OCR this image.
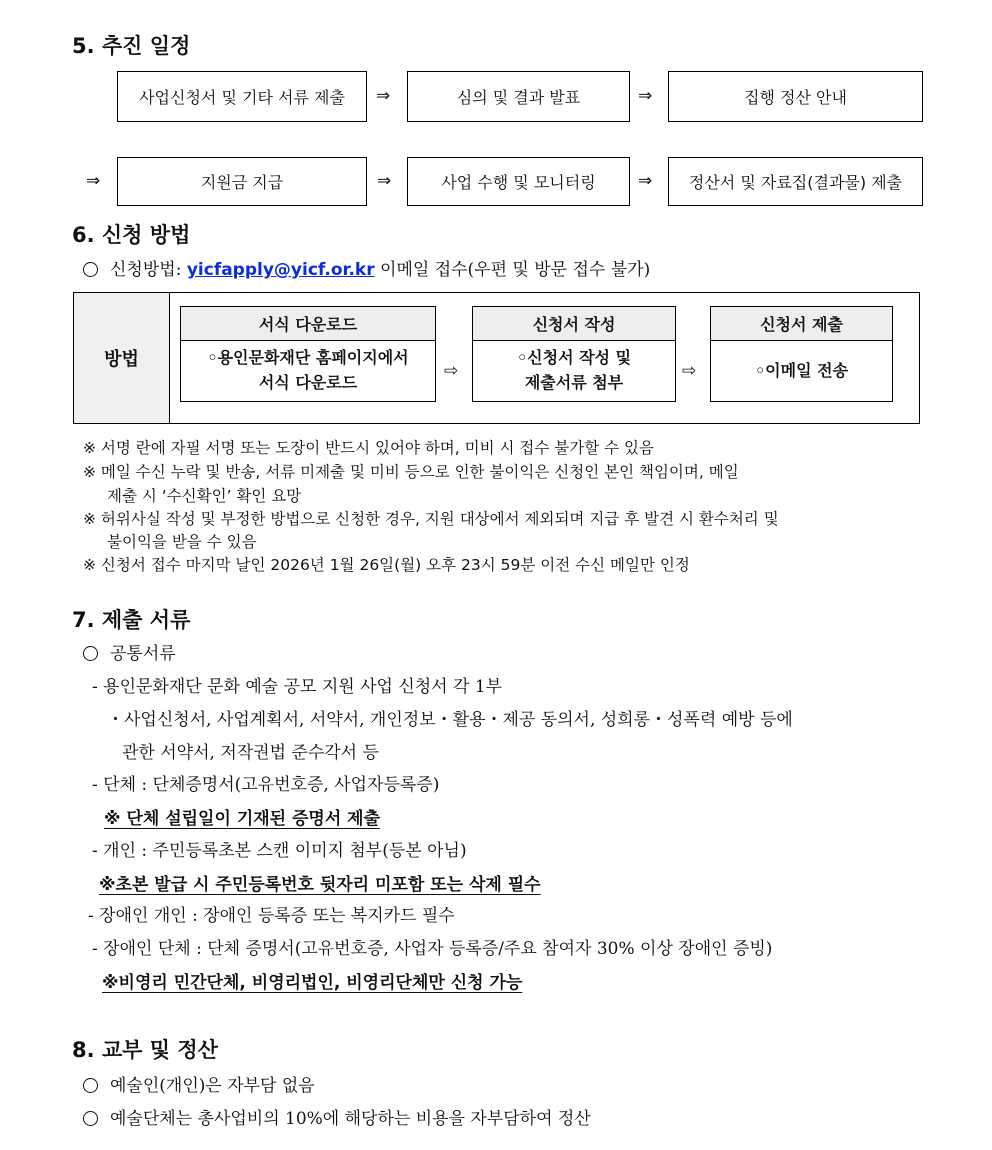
5. 추진 일정
사업신청서 및 기타 서류 제출	⇒	심의 및 결과 발표	⇒	집행 정산 안내
⇒	지원금 지급	⇒	사업 수행 및 모니터링	⇒	정산서 및 자료집(결과물) 제출
6. 신청 방법
신청방법: yicfapply@yicf.or.kr 이메일 접수(우편 및 방문 접수 불가)
방법
서식 다운로드
◦용인문화재단 홈페이지에서
서식 다운로드
⇨
신청서 작성
◦신청서 작성 및
제출서류 첨부
⇨
신청서 제출
◦이메일 전송
※ 서명 란에 자필 서명 또는 도장이 반드시 있어야 하며, 미비 시 접수 불가할 수 있음
※ 메일 수신 누락 및 반송, 서류 미제출 및 미비 등으로 인한 불이익은 신청인 본인 책임이며, 메일
제출 시 ‘수신확인’ 확인 요망
※ 허위사실 작성 및 부정한 방법으로 신청한 경우, 지원 대상에서 제외되며 지급 후 발견 시 환수처리 및
불이익을 받을 수 있음
※ 신청서 접수 마지막 날인 2026년 1월 26일(월) 오후 23시 59분 이전 수신 메일만 인정
7. 제출 서류
공통서류
- 용인문화재단 문화 예술 공모 지원 사업 신청서 각 1부
・사업신청서, 사업계획서, 서약서, 개인정보・활용・제공 동의서, 성희롱・성폭력 예방 등에
관한 서약서, 저작권법 준수각서 등
- 단체 : 단체증명서(고유번호증, 사업자등록증)
※ 단체 설립일이 기재된 증명서 제출
- 개인 : 주민등록초본 스캔 이미지 첨부(등본 아님)
※초본 발급 시 주민등록번호 뒷자리 미포함 또는 삭제 필수
- 장애인 개인 : 장애인 등록증 또는 복지카드 필수
- 장애인 단체 : 단체 증명서(고유번호증, 사업자 등록증/주요 참여자 30% 이상 장애인 증빙)
※비영리 민간단체, 비영리법인, 비영리단체만 신청 가능
8. 교부 및 정산
예술인(개인)은 자부담 없음
예술단체는 총사업비의 10%에 해당하는 비용을 자부담하여 정산
